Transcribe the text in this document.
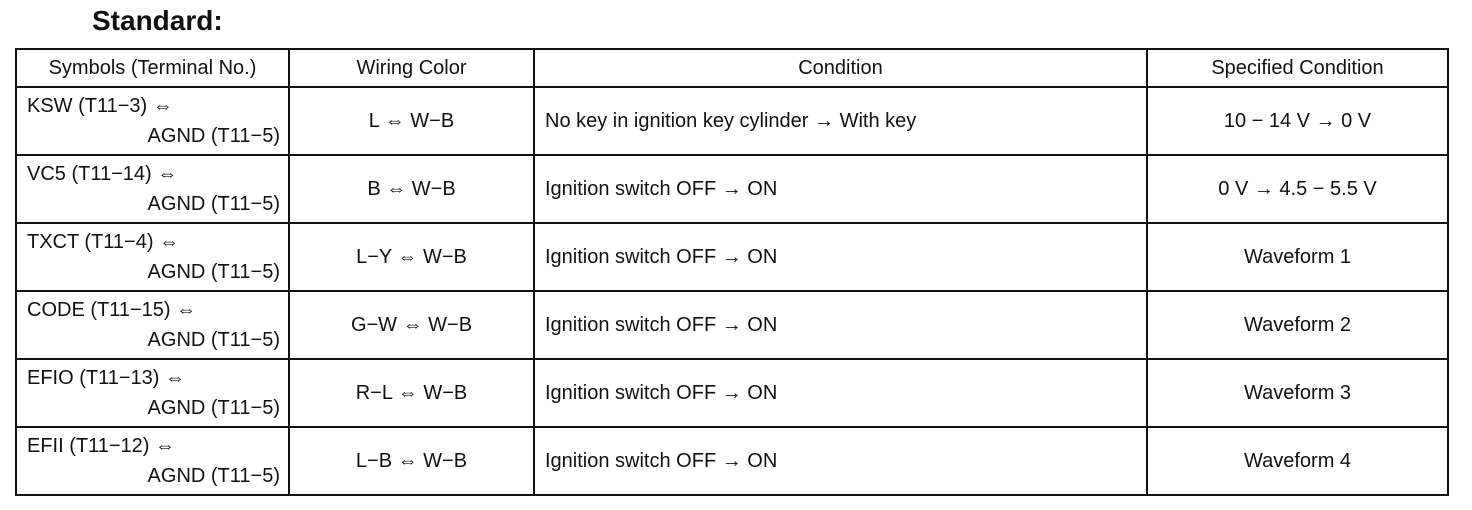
Standard:
Symbols (Terminal No.)	Wiring Color	Condition	Specified Condition

KSW (T11−3) ⇔
AGND (T11−5)	L ⇔ W−B	No key in ignition key cylinder → With key	10 − 14 V → 0 V

VC5 (T11−14) ⇔
AGND (T11−5)	B ⇔ W−B	Ignition switch OFF → ON	0 V → 4.5 − 5.5 V

TXCT (T11−4) ⇔
AGND (T11−5)	L−Y ⇔ W−B	Ignition switch OFF → ON	Waveform 1

CODE (T11−15) ⇔
AGND (T11−5)	G−W ⇔ W−B	Ignition switch OFF → ON	Waveform 2

EFIO (T11−13) ⇔
AGND (T11−5)	R−L ⇔ W−B	Ignition switch OFF → ON	Waveform 3

EFII (T11−12) ⇔
AGND (T11−5)	L−B ⇔ W−B	Ignition switch OFF → ON	Waveform 4
